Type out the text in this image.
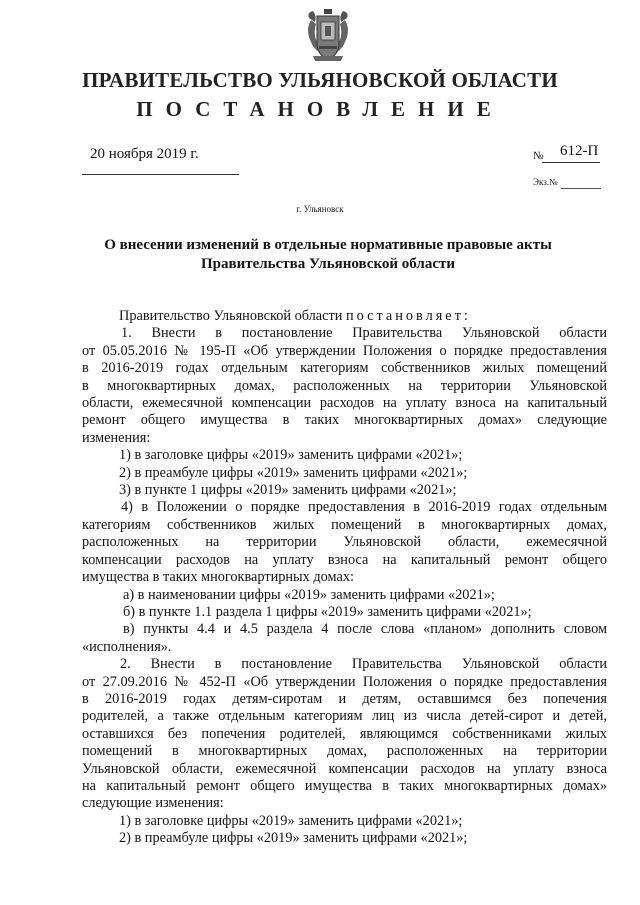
ПРАВИТЕЛЬСТВО УЛЬЯНОВСКОЙ ОБЛАСТИ
ПОСТАНОВЛЕНИЕ
20 ноября 2019 г.	№ 612-П
Экз.№
г. Ульяновск
О внесении изменений в отдельные нормативные правовые акты
Правительства Ульяновской области

Правительство Ульяновской области постановляет:

1. Внести в постановление Правительства Ульяновской области

от 05.05.2016 № 195-П «Об утверждении Положения о порядке предоставления

в 2016-2019 годах отдельным категориям собственников жилых помещений

в многоквартирных домах, расположенных на территории Ульяновской

области, ежемесячной компенсации расходов на уплату взноса на капитальный

ремонт общего имущества в таких многоквартирных домах» следующие

изменения:

1) в заголовке цифры «2019» заменить цифрами «2021»;

2) в преамбуле цифры «2019» заменить цифрами «2021»;

3) в пункте 1 цифры «2019» заменить цифрами «2021»;

4) в Положении о порядке предоставления в 2016-2019 годах отдельным

категориям собственников жилых помещений в многоквартирных домах,

расположенных на территории Ульяновской области, ежемесячной

компенсации расходов на уплату взноса на капитальный ремонт общего

имущества в таких многоквартирных домах:

а) в наименовании цифры «2019» заменить цифрами «2021»;

б) в пункте 1.1 раздела 1 цифры «2019» заменить цифрами «2021»;

в) пункты 4.4 и 4.5 раздела 4 после слова «планом» дополнить словом

«исполнения».

2. Внести в постановление Правительства Ульяновской области

от 27.09.2016 № 452-П «Об утверждении Положения о порядке предоставления

в 2016-2019 годах детям-сиротам и детям, оставшимся без попечения

родителей, а также отдельным категориям лиц из числа детей-сирот и детей,

оставшихся без попечения родителей, являющимся собственниками жилых

помещений в многоквартирных домах, расположенных на территории

Ульяновской области, ежемесячной компенсации расходов на уплату взноса

на капитальный ремонт общего имущества в таких многоквартирных домах»

следующие изменения:

1) в заголовке цифры «2019» заменить цифрами «2021»;

2) в преамбуле цифры «2019» заменить цифрами «2021»;
